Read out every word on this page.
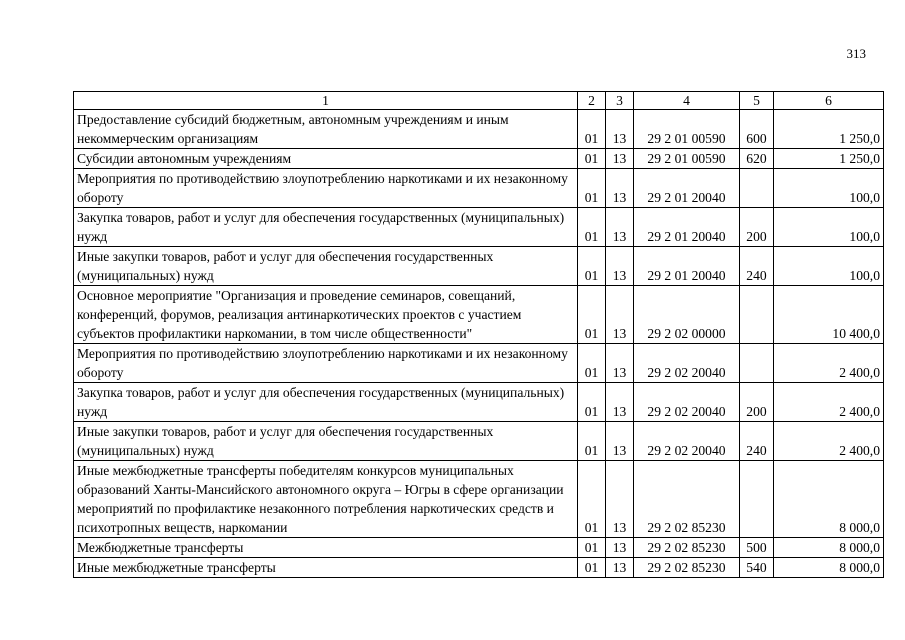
313
1	2	3	4	5	6
Предоставление субсидий бюджетным, автономным учреждениям и иным некоммерческим организациям	01	13	29 2 01 00590	600	1 250,0
Субсидии автономным учреждениям	01	13	29 2 01 00590	620	1 250,0
Мероприятия по противодействию злоупотреблению наркотиками и их незаконному обороту	01	13	29 2 01 20040		100,0
Закупка товаров, работ и услуг для обеспечения государственных (муниципальных) нужд	01	13	29 2 01 20040	200	100,0
Иные закупки товаров, работ и услуг для обеспечения государственных (муниципальных) нужд	01	13	29 2 01 20040	240	100,0
Основное мероприятие "Организация и проведение семинаров, совещаний, конференций, форумов, реализация антинаркотических проектов с участием субъектов профилактики наркомании, в том числе общественности"	01	13	29 2 02 00000		10 400,0
Мероприятия по противодействию злоупотреблению наркотиками и их незаконному обороту	01	13	29 2 02 20040		2 400,0
Закупка товаров, работ и услуг для обеспечения государственных (муниципальных) нужд	01	13	29 2 02 20040	200	2 400,0
Иные закупки товаров, работ и услуг для обеспечения государственных (муниципальных) нужд	01	13	29 2 02 20040	240	2 400,0
Иные межбюджетные трансферты победителям конкурсов муниципальных образований Ханты-Мансийского автономного округа – Югры в сфере организации мероприятий по профилактике незаконного потребления наркотических средств и психотропных веществ, наркомании	01	13	29 2 02 85230		8 000,0
Межбюджетные трансферты	01	13	29 2 02 85230	500	8 000,0
Иные межбюджетные трансферты	01	13	29 2 02 85230	540	8 000,0
